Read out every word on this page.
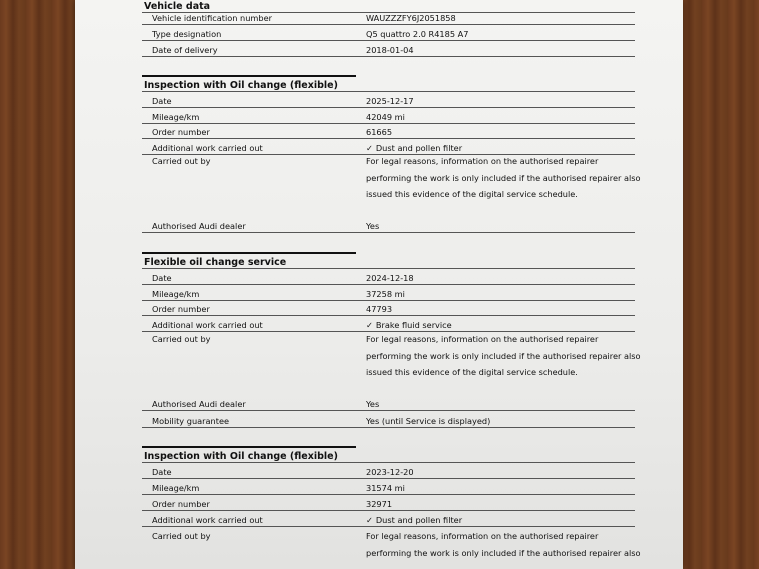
Vehicle data
Vehicle identification number	WAUZZZFY6J2051858
Type designation	Q5 quattro 2.0 R4185 A7
Date of delivery	2018-01-04
Inspection with Oil change (flexible)
Date	2025-12-17
Mileage/km	42049 mi
Order number	61665
Additional work carried out	✓ Dust and pollen filter
Carried out by	For legal reasons, information on the authorised repairer
performing the work is only included if the authorised repairer also
issued this evidence of the digital service schedule.
Authorised Audi dealer	Yes
Flexible oil change service
Date	2024-12-18
Mileage/km	37258 mi
Order number	47793
Additional work carried out	✓ Brake fluid service
Carried out by	For legal reasons, information on the authorised repairer
performing the work is only included if the authorised repairer also
issued this evidence of the digital service schedule.
Authorised Audi dealer	Yes
Mobility guarantee	Yes (until Service is displayed)
Inspection with Oil change (flexible)
Date	2023-12-20
Mileage/km	31574 mi
Order number	32971
Additional work carried out	✓ Dust and pollen filter
Carried out by	For legal reasons, information on the authorised repairer
performing the work is only included if the authorised repairer also
